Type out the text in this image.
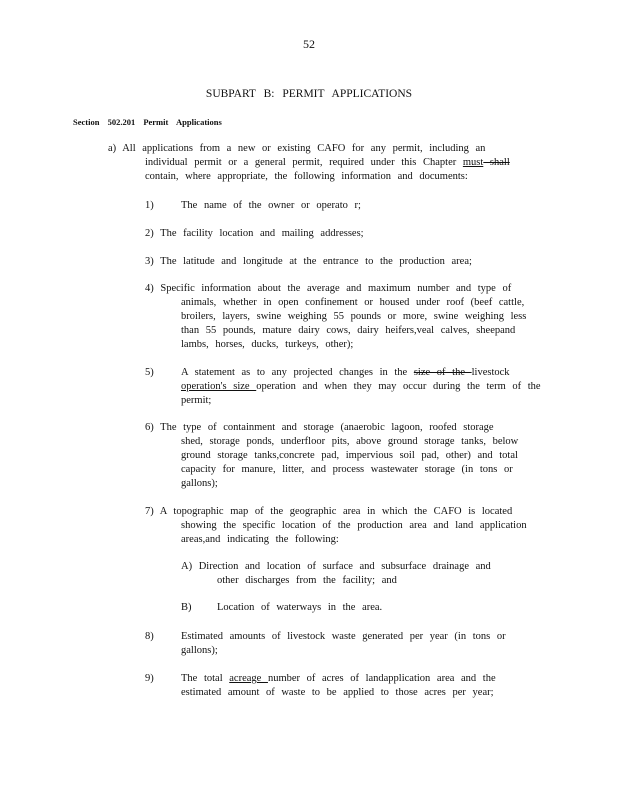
52
SUBPART B: PERMIT APPLICATIONS
Section 502.201 Permit Applications
a) All applications from a new or existing CAFO for any permit, including an
individual permit or a general permit, required under this Chapter must shall
contain, where appropriate, the following information and documents:
1)	The name of the owner or operato r;
2) The facility location and mailing addresses;
3) The latitude and longitude at the entrance to the production area;
4) Specific information about the average and maximum number and type of
animals, whether in open confinement or housed under roof (beef cattle,
broilers, layers, swine weighing 55 pounds or more, swine weighing less
than 55 pounds, mature dairy cows, dairy heifers,veal calves, sheepand
lambs, horses, ducks, turkeys, other);
5)	A statement as to any projected changes in the size of the livestock
operation's size operation and when they may occur during the term of the
permit;
6) The type of containment and storage (anaerobic lagoon, roofed storage
shed, storage ponds, underfloor pits, above ground storage tanks, below
ground storage tanks,concrete pad, impervious soil pad, other) and total
capacity for manure, litter, and process wastewater storage (in tons or
gallons);
7) A topographic map of the geographic area in which the CAFO is located
showing the specific location of the production area and land application
areas,and indicating the following:
A) Direction and location of surface and subsurface drainage and
other discharges from the facility; and
B) Location of waterways in the area.
8)	Estimated amounts of livestock waste generated per year (in tons or
gallons);
9)	The total acreage number of acres of landapplication area and the
estimated amount of waste to be applied to those acres per year;
